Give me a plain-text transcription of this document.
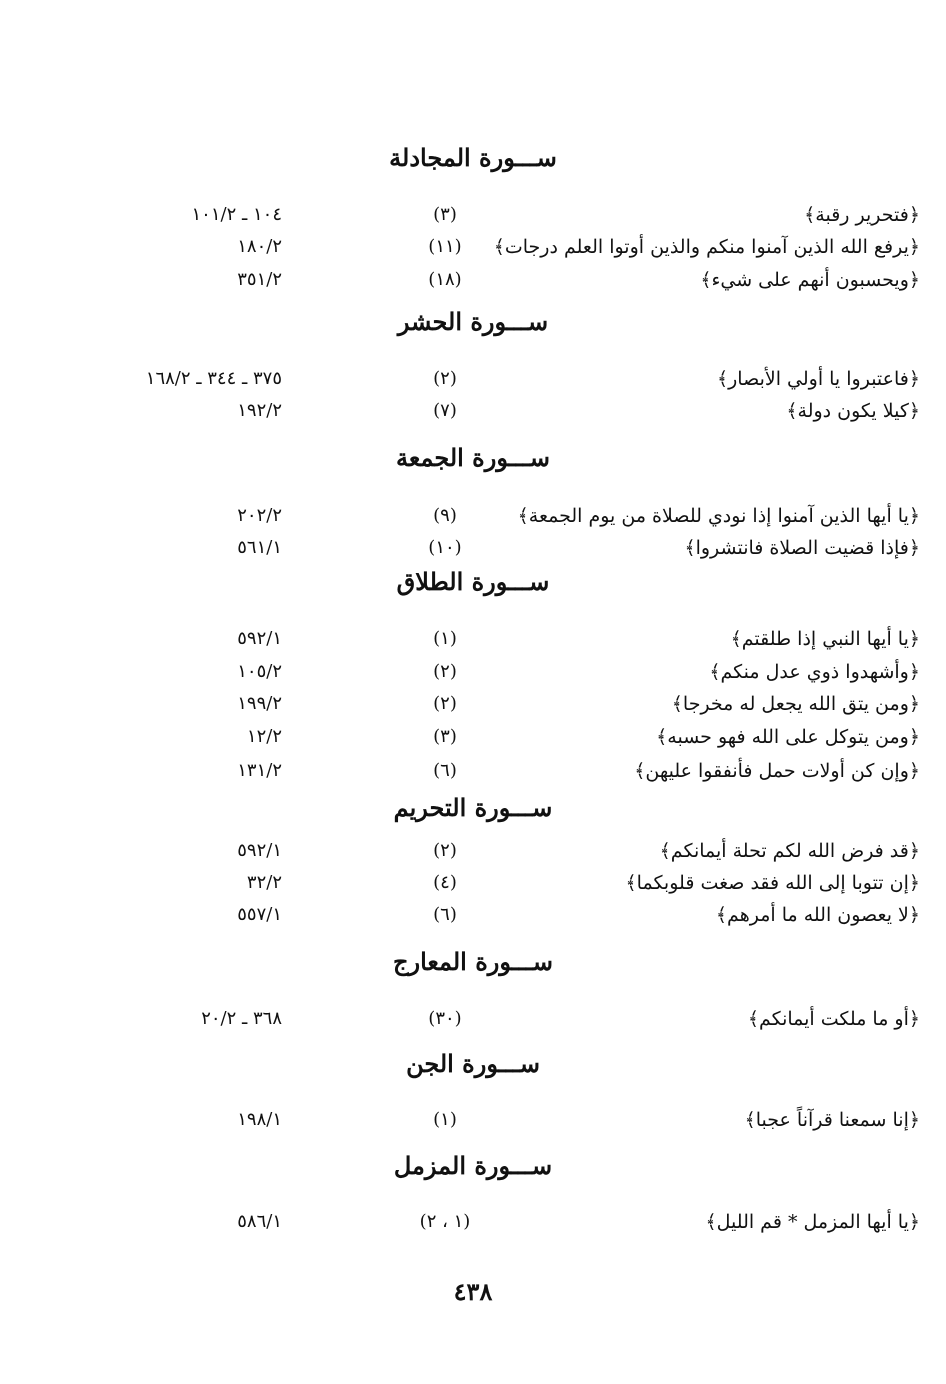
ســـورة المجادلة
﴿فتحرير رقبة﴾
(٣)
١٠٤ ـ ١٠١/٢
﴿يرفع الله الذين آمنوا منكم والذين أوتوا العلم درجات﴾
(١١)
١٨٠/٢
﴿ويحسبون أنهم على شيء﴾
(١٨)
٣٥١/٢
ســـورة الحشر
﴿فاعتبروا يا أولي الأبصار﴾
(٢)
٣٧٥ ـ ٣٤٤ ـ ١٦٨/٢
﴿كيلا يكون دولة﴾
(٧)
١٩٢/٢
ســـورة الجمعة
﴿يا أيها الذين آمنوا إذا نودي للصلاة من يوم الجمعة﴾
(٩)
٢٠٢/٢
﴿فإذا قضيت الصلاة فانتشروا﴾
(١٠)
٥٦١/١
ســـورة الطلاق
﴿يا أيها النبي إذا طلقتم﴾
(١)
٥٩٢/١
﴿وأشهدوا ذوي عدل منكم﴾
(٢)
١٠٥/٢
﴿ومن يتق الله يجعل له مخرجا﴾
(٢)
١٩٩/٢
﴿ومن يتوكل على الله فهو حسبه﴾
(٣)
١٢/٢
﴿وإن كن أولات حمل فأنفقوا عليهن﴾
(٦)
١٣١/٢
ســـورة التحريم
﴿قد فرض الله لكم تحلة أيمانكم﴾
(٢)
٥٩٢/١
﴿إن تتوبا إلى الله فقد صغت قلوبكما﴾
(٤)
٣٢/٢
﴿لا يعصون الله ما أمرهم﴾
(٦)
٥٥٧/١
ســـورة المعارج
﴿أو ما ملكت أيمانكم﴾
(٣٠)
٣٦٨ ـ ٢٠/٢
ســـورة الجن
﴿إنا سمعنا قرآناً عجبا﴾
(١)
١٩٨/١
ســـورة المزمل
﴿يا أيها المزمل * قم الليل﴾
(١ ، ٢)
٥٨٦/١
٤٣٨
